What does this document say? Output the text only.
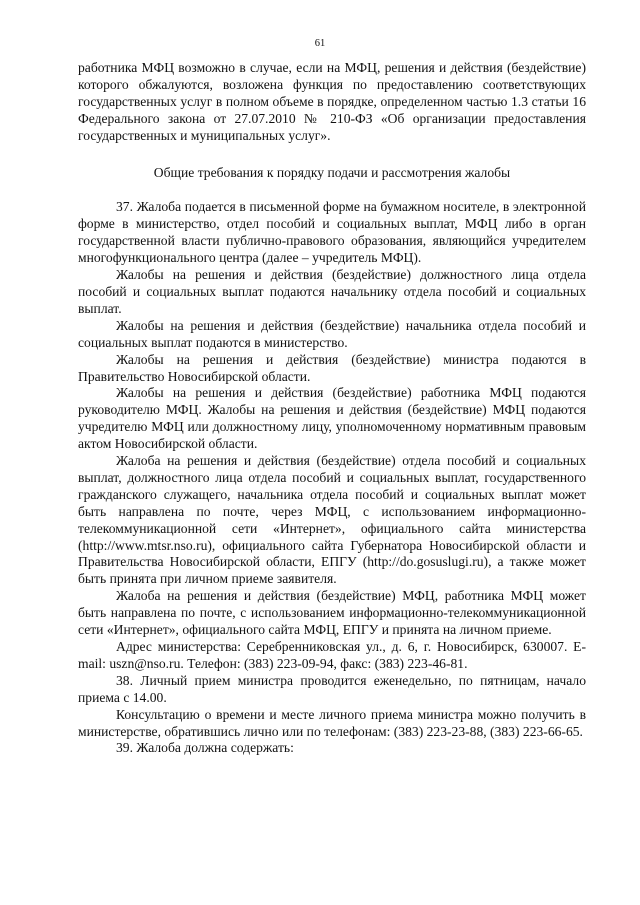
61

работника МФЦ возможно в случае, если на МФЦ, решения и действия (бездействие) которого обжалуются, возложена функция по предоставлению соответствующих государственных услуг в полном объеме в порядке, определенном частью 1.3 статьи 16 Федерального закона от 27.07.2010 № 210-ФЗ «Об организации предоставления государственных и муниципальных услуг».

Общие требования к порядку подачи и рассмотрения жалобы

37. Жалоба подается в письменной форме на бумажном носителе, в электронной форме в министерство, отдел пособий и социальных выплат, МФЦ либо в орган государственной власти публично-правового образования, являющийся учредителем многофункционального центра (далее – учредитель МФЦ).

Жалобы на решения и действия (бездействие) должностного лица отдела пособий и социальных выплат подаются начальнику отдела пособий и социальных выплат.

Жалобы на решения и действия (бездействие) начальника отдела пособий и социальных выплат подаются в министерство.

Жалобы на решения и действия (бездействие) министра подаются в Правительство Новосибирской области.

Жалобы на решения и действия (бездействие) работника МФЦ подаются руководителю МФЦ. Жалобы на решения и действия (бездействие) МФЦ подаются учредителю МФЦ или должностному лицу, уполномоченному нормативным правовым актом Новосибирской области.

Жалоба на решения и действия (бездействие) отдела пособий и социальных выплат, должностного лица отдела пособий и социальных выплат, государственного гражданского служащего, начальника отдела пособий и социальных выплат может быть направлена по почте, через МФЦ, с использованием информационно-телекоммуникационной сети «Интернет», официального сайта министерства (http://www.mtsr.nso.ru), официального сайта Губернатора Новосибирской области и Правительства Новосибирской области, ЕПГУ (http://do.gosuslugi.ru), а также может быть принята при личном приеме заявителя.

Жалоба на решения и действия (бездействие) МФЦ, работника МФЦ может быть направлена по почте, с использованием информационно-телекоммуникационной сети «Интернет», официального сайта МФЦ, ЕПГУ и принята на личном приеме.

Адрес министерства: Серебренниковская ул., д. 6, г. Новосибирск, 630007. E-mail: uszn@nso.ru. Телефон: (383) 223-09-94, факс: (383) 223-46-81.

38. Личный прием министра проводится еженедельно, по пятницам, начало приема с 14.00.

Консультацию о времени и месте личного приема министра можно получить в министерстве, обратившись лично или по телефонам: (383) 223-23-88, (383) 223-66-65.

39. Жалоба должна содержать:
